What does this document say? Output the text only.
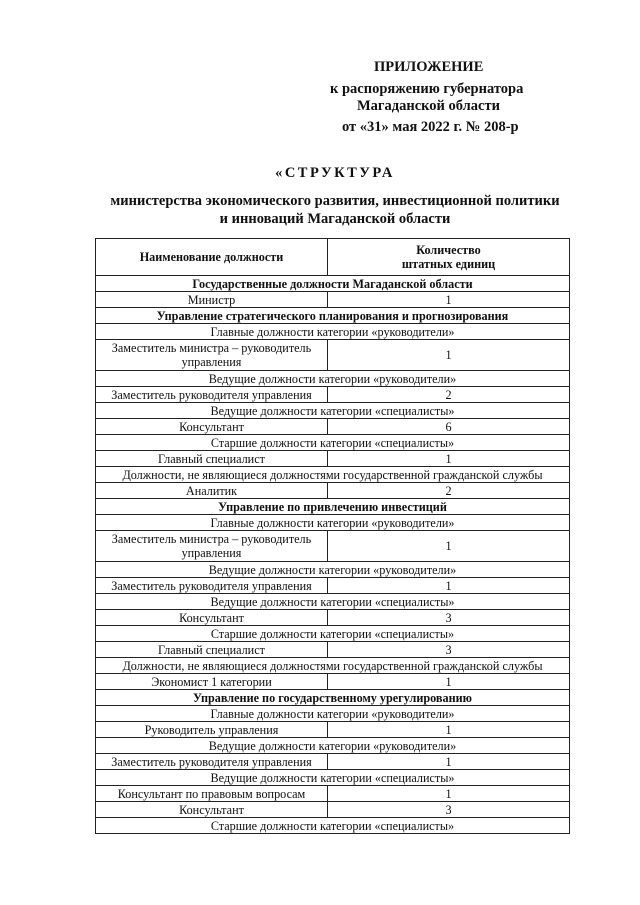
ПРИЛОЖЕНИЕ
к распоряжению губернатора
Магаданской области
от «31» мая 2022 г. № 208-р
«СТРУКТУРА
министерства экономического развития, инвестиционной политики
и инноваций Магаданской области
Наименование должности	Количество
штатных единиц

Государственные должности Магаданской области	
Министр	1
Управление стратегического планирования и прогнозирования	
Главные должности категории «руководители»	
Заместитель министра – руководитель управления	1
Ведущие должности категории «руководители»	
Заместитель руководителя управления	2
Ведущие должности категории «специалисты»	
Консультант	6
Старшие должности категории «специалисты»	
Главный специалист	1
Должности, не являющиеся должностями государственной гражданской службы	
Аналитик	2
Управление по привлечению инвестиций	
Главные должности категории «руководители»	
Заместитель министра – руководитель управления	1
Ведущие должности категории «руководители»	
Заместитель руководителя управления	1
Ведущие должности категории «специалисты»	
Консультант	3
Старшие должности категории «специалисты»	
Главный специалист	3
Должности, не являющиеся должностями государственной гражданской службы	
Экономист 1 категории	1
Управление по государственному урегулированию	
Главные должности категории «руководители»	
Руководитель управления	1
Ведущие должности категории «руководители»	
Заместитель руководителя управления	1
Ведущие должности категории «специалисты»	
Консультант по правовым вопросам	1
Консультант	3
Старшие должности категории «специалисты»	
